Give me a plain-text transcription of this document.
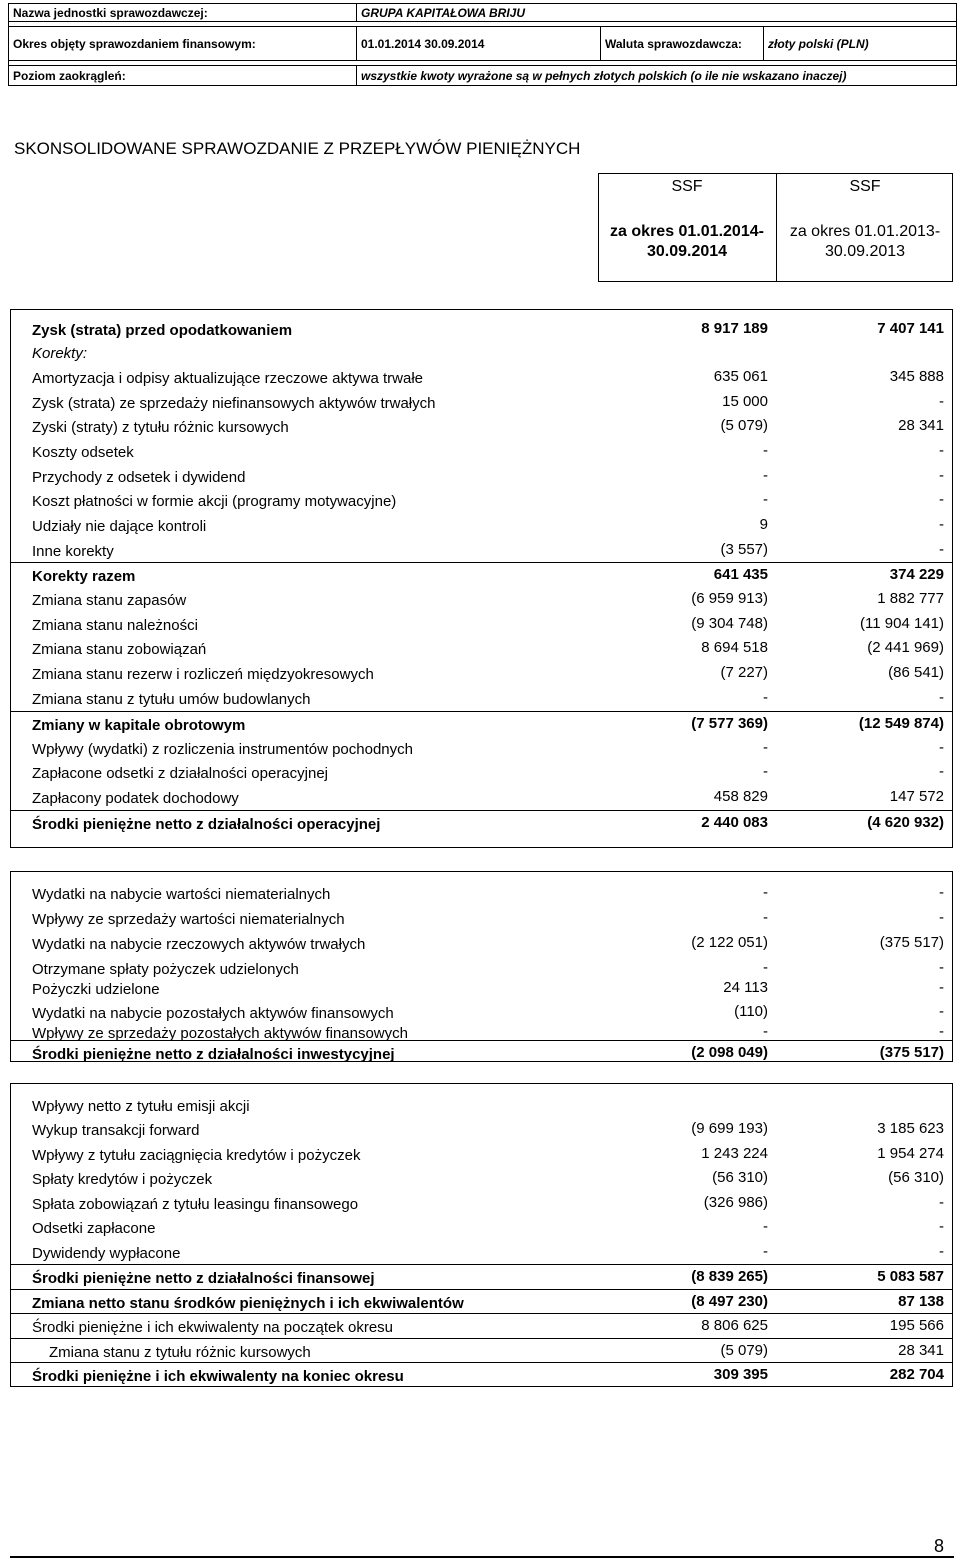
Nazwa jednostki sprawozdawczej:	GRUPA KAPITAŁOWA BRIJU		

Okres objęty sprawozdaniem finansowym:	01.01.2014 30.09.2014	Waluta sprawozdawcza:	złoty polski (PLN)

Poziom zaokrągleń:	wszystkie kwoty wyrażone są w pełnych złotych polskich (o ile nie wskazano inaczej)		
SKONSOLIDOWANE SPRAWOZDANIE Z PRZEPŁYWÓW PIENIĘŻNYCH
SSF
za okres 01.01.2014-
30.09.2014
SSF
za okres 01.01.2013-
30.09.2013
Zysk (strata) przed opodatkowaniem	8 917 189	7 407 141
Korekty:
Amortyzacja i odpisy aktualizujące rzeczowe aktywa trwałe	635 061	345 888
Zysk (strata) ze sprzedaży niefinansowych aktywów trwałych	15 000	-
Zyski (straty) z tytułu różnic kursowych	(5 079)	28 341
Koszty odsetek	-	-
Przychody z odsetek i dywidend	-	-
Koszt płatności w formie akcji (programy motywacyjne)	-	-
Udziały nie dające kontroli	9	-
Inne korekty	(3 557)	-
Korekty razem	641 435	374 229
Zmiana stanu zapasów	(6 959 913)	1 882 777
Zmiana stanu należności	(9 304 748)	(11 904 141)
Zmiana stanu zobowiązań	8 694 518	(2 441 969)
Zmiana stanu rezerw i rozliczeń międzyokresowych	(7 227)	(86 541)
Zmiana stanu z tytułu umów budowlanych	-	-
Zmiany w kapitale obrotowym	(7 577 369)	(12 549 874)
Wpływy (wydatki) z rozliczenia instrumentów pochodnych	-	-
Zapłacone odsetki z działalności operacyjnej	-	-
Zapłacony podatek dochodowy	458 829	147 572
Środki pieniężne netto z działalności operacyjnej	2 440 083	(4 620 932)
Wydatki na nabycie wartości niematerialnych	-	-
Wpływy ze sprzedaży wartości niematerialnych	-	-
Wydatki na nabycie rzeczowych aktywów trwałych	(2 122 051)	(375 517)
Otrzymane spłaty pożyczek udzielonych	-	-
Pożyczki udzielone	24 113	-
Wydatki na nabycie pozostałych aktywów finansowych	(110)	-
Wpływy ze sprzedaży pozostałych aktywów finansowych	-	-
Środki pieniężne netto z działalności inwestycyjnej	(2 098 049)	(375 517)
Wpływy netto z tytułu emisji akcji
Wykup transakcji forward	(9 699 193)	3 185 623
Wpływy z tytułu zaciągnięcia kredytów i pożyczek	1 243 224	1 954 274
Spłaty kredytów i pożyczek	(56 310)	(56 310)
Spłata zobowiązań z tytułu leasingu finansowego	(326 986)	-
Odsetki zapłacone	-	-
Dywidendy wypłacone	-	-
Środki pieniężne netto z działalności finansowej	(8 839 265)	5 083 587
Zmiana netto stanu środków pieniężnych i ich ekwiwalentów	(8 497 230)	87 138
Środki pieniężne i ich ekwiwalenty na początek okresu	8 806 625	195 566
Zmiana stanu z tytułu różnic kursowych	(5 079)	28 341
Środki pieniężne i ich ekwiwalenty na koniec okresu	309 395	282 704
8
